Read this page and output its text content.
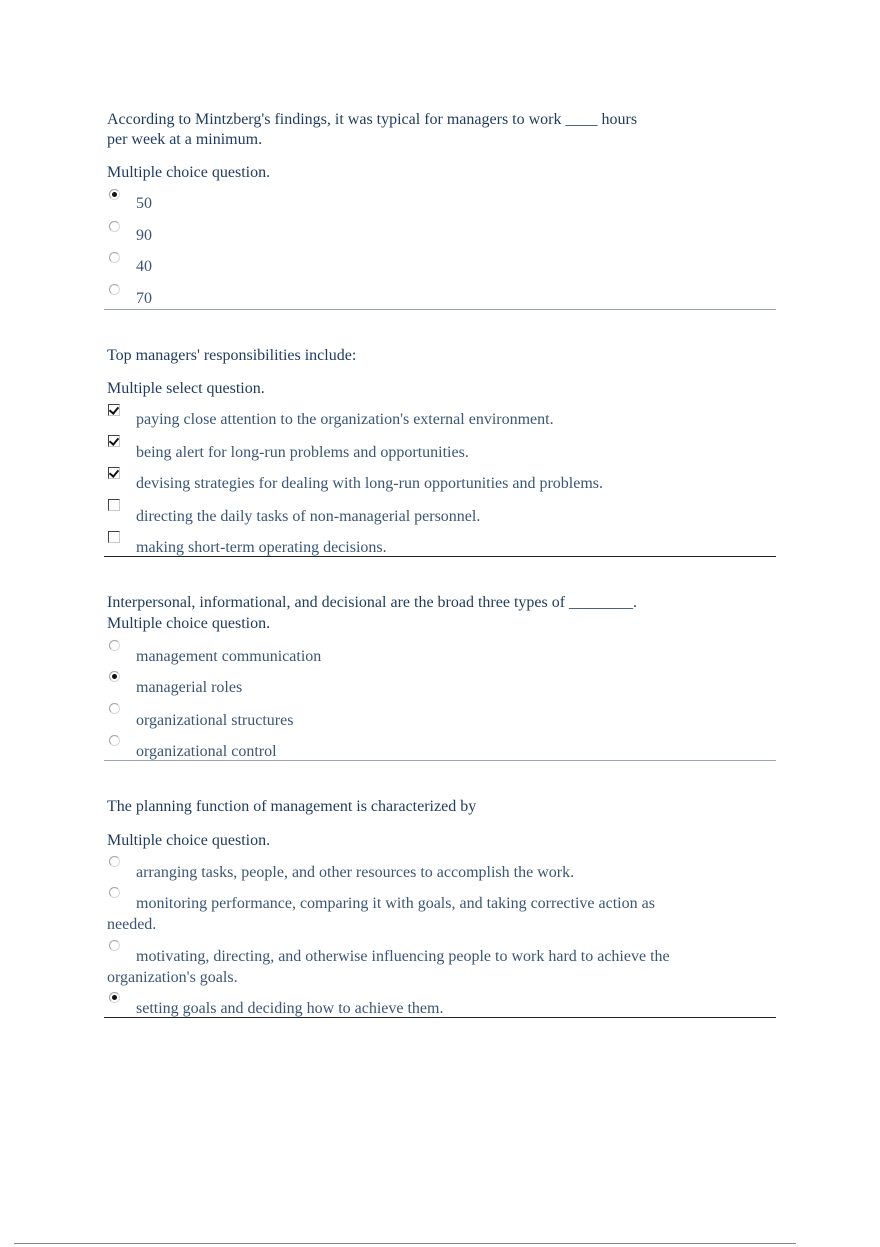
According to Mintzberg's findings, it was typical for managers to work ____ hours
per week at a minimum.
Multiple choice question.
50
90
40
70
Top managers' responsibilities include:
Multiple select question.
paying close attention to the organization's external environment.
being alert for long-run problems and opportunities.
devising strategies for dealing with long-run opportunities and problems.
directing the daily tasks of non-managerial personnel.
making short-term operating decisions.
Interpersonal, informational, and decisional are the broad three types of ________.
Multiple choice question.
management communication
managerial roles
organizational structures
organizational control
The planning function of management is characterized by
Multiple choice question.
arranging tasks, people, and other resources to accomplish the work.
monitoring performance, comparing it with goals, and taking corrective action as
needed.
motivating, directing, and otherwise influencing people to work hard to achieve the
organization's goals.
setting goals and deciding how to achieve them.
